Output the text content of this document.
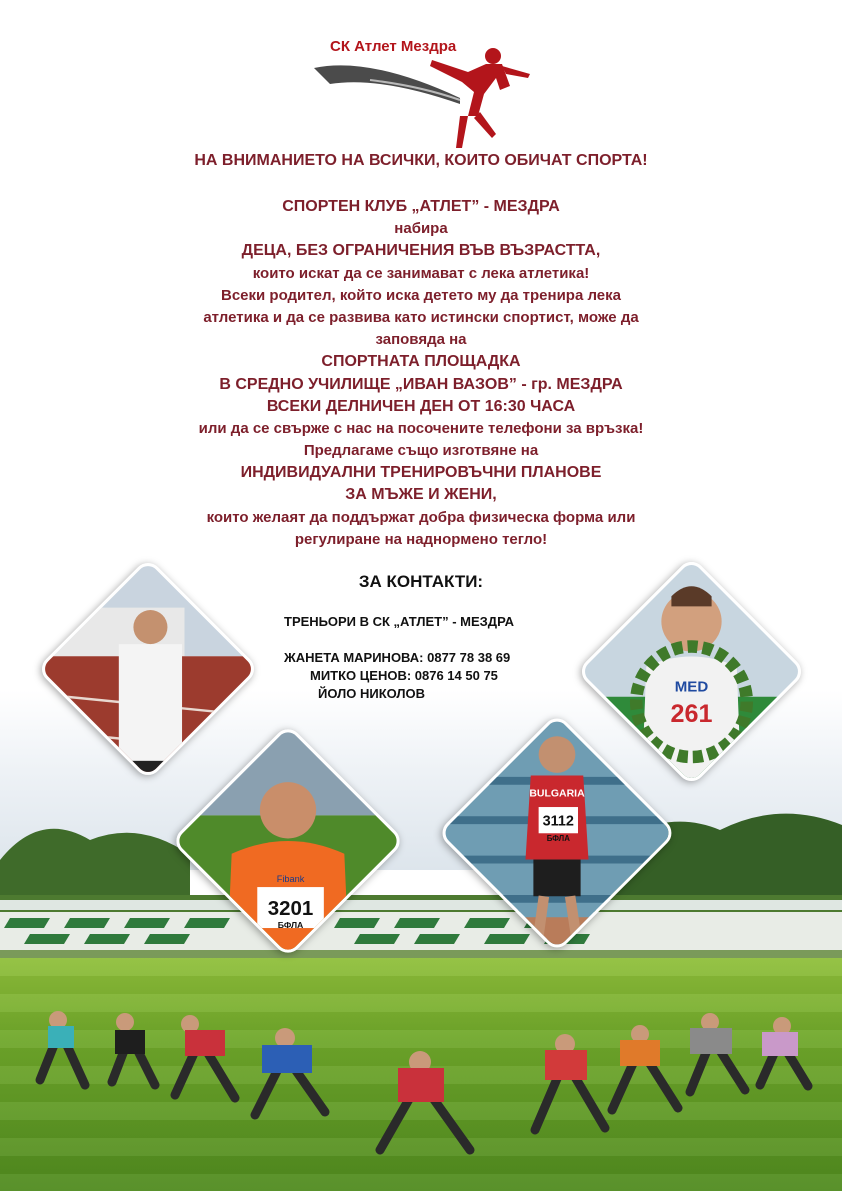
СК Атлет Мездра
НА ВНИМАНИЕТО НА ВСИЧКИ, КОИТО ОБИЧАТ СПОРТА!
СПОРТЕН КЛУБ „АТЛЕТ” - МЕЗДРА
набира
ДЕЦА, БЕЗ ОГРАНИЧЕНИЯ ВЪВ ВЪЗРАСТТА,
които искат да се занимават с лека атлетика!
Всеки родител, който иска детето му да тренира лека
атлетика и да се развива като истински спортист, може да
заповяда на
СПОРТНАТА ПЛОЩАДКА
В СРЕДНО УЧИЛИЩЕ „ИВАН ВАЗОВ” - гр. МЕЗДРА
ВСЕКИ ДЕЛНИЧЕН ДЕН ОТ 16:30 ЧАСА
или да се свърже с нас на посочените телефони за връзка!
Предлагаме също изготвяне на
ИНДИВИДУАЛНИ ТРЕНИРОВЪЧНИ ПЛАНОВЕ
ЗА МЪЖЕ И ЖЕНИ,
които желаят да поддържат добра физическа форма или
регулиране на наднормено тегло!
ЗА КОНТАКТИ:
ТРЕНЬОРИ В СК „АТЛЕТ” - МЕЗДРА
ЖАНЕТА МАРИНОВА: 0877 78 38 69
МИТКО ЦЕНОВ: 0876 14 50 75
ЙОЛО НИКОЛОВ
3201
БФЛА
Fibank
BULGARIA
3112
БФЛА
MED
261
